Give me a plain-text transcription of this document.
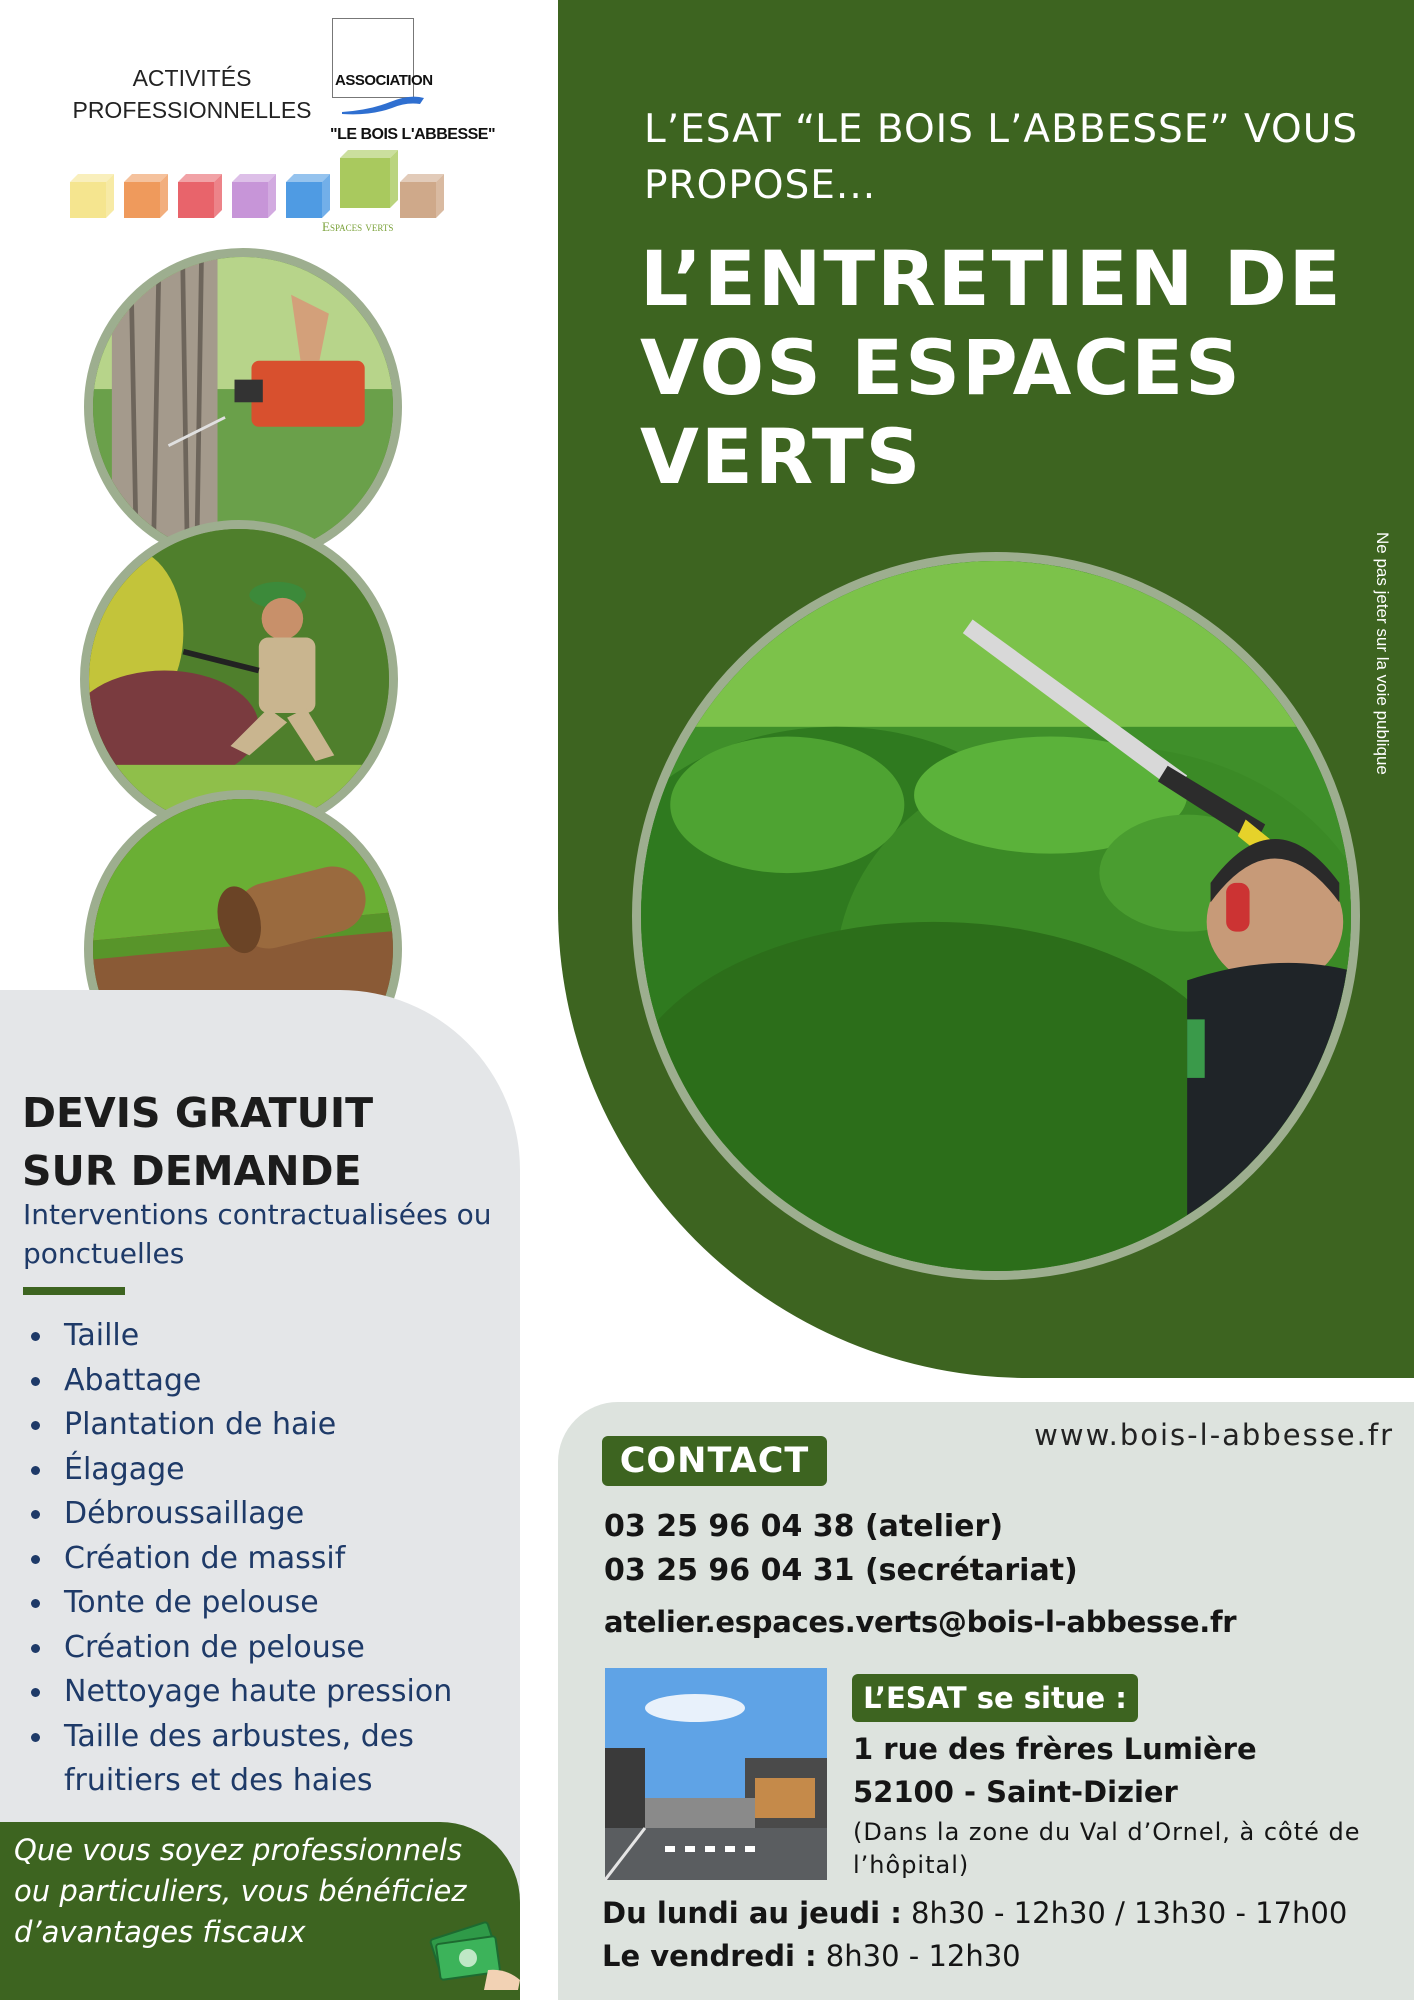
L’ESAT “LE BOIS L’ABBESSE” VOUS PROPOSE...
L’ENTRETIEN DE VOS ESPACES VERTS
Ne pas jeter sur la voie publique
ACTIVITÉS
PROFESSIONNELLES
ASSOCIATION
"LE BOIS L'ABBESSE"
Espaces verts
DEVIS GRATUIT
SUR DEMANDE
Interventions contractualisées ou ponctuelles
Taille
Abattage
Plantation de haie
Élagage
Débroussaillage
Création de massif
Tonte de pelouse
Création de pelouse
Nettoyage haute pression
Taille des arbustes, des fruitiers et des haies
Que vous soyez professionnels ou particuliers, vous bénéficiez d’avantages fiscaux
www.bois-l-abbesse.fr
CONTACT
03 25 96 04 38 (atelier)
03 25 96 04 31 (secrétariat)
atelier.espaces.verts@bois-l-abbesse.fr
L’ESAT se situe :
1 rue des frères Lumière
52100 - Saint-Dizier
(Dans la zone du Val d’Ornel, à côté de l’hôpital)
Du lundi au jeudi : 8h30 - 12h30 / 13h30 - 17h00
Le vendredi : 8h30 - 12h30
